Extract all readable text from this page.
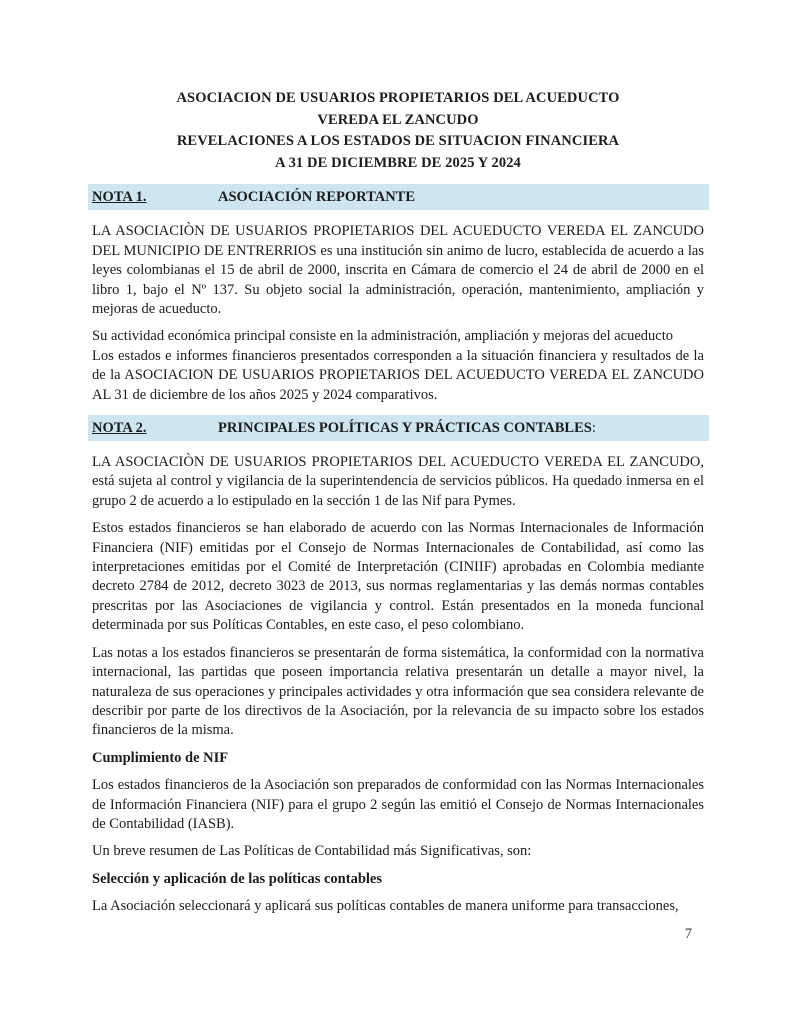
ASOCIACION DE USUARIOS PROPIETARIOS DEL ACUEDUCTO
VEREDA EL ZANCUDO
REVELACIONES A LOS ESTADOS DE SITUACION FINANCIERA
A 31 DE DICIEMBRE DE 2025 Y 2024
NOTA 1.	ASOCIACIÓN REPORTANTE

LA ASOCIACIÒN DE USUARIOS PROPIETARIOS DEL ACUEDUCTO VEREDA EL ZANCUDO DEL MUNICIPIO DE ENTRERRIOS es una institución sin animo de lucro, establecida de acuerdo a las leyes colombianas el 15 de abril de 2000, inscrita en Cámara de comercio el 24 de abril de 2000 en el libro 1, bajo el Nº 137. Su objeto social la administración, operación, mantenimiento, ampliación y mejoras de acueducto.

Su actividad económica principal consiste en la administración, ampliación y mejoras del acueducto

Los estados e informes financieros presentados corresponden a la situación financiera y resultados de la de la ASOCIACION DE USUARIOS PROPIETARIOS DEL ACUEDUCTO VEREDA EL ZANCUDO AL 31 de diciembre de los años 2025 y 2024 comparativos.

NOTA 2.	PRINCIPALES POLÍTICAS Y PRÁCTICAS CONTABLES:

LA ASOCIACIÒN DE USUARIOS PROPIETARIOS DEL ACUEDUCTO VEREDA EL ZANCUDO, está sujeta al control y vigilancia de la superintendencia de servicios públicos. Ha quedado inmersa en el grupo 2 de acuerdo a lo estipulado en la sección 1 de las Nif para Pymes.

Estos estados financieros se han elaborado de acuerdo con las Normas Internacionales de Información Financiera (NIF) emitidas por el Consejo de Normas Internacionales de Contabilidad, así como las interpretaciones emitidas por el Comité de Interpretación (CINIIF) aprobadas en Colombia mediante decreto 2784 de 2012, decreto 3023 de 2013, sus normas reglamentarias y las demás normas contables prescritas por las Asociaciones de vigilancia y control. Están presentados en la moneda funcional determinada por sus Políticas Contables, en este caso, el peso colombiano.

Las notas a los estados financieros se presentarán de forma sistemática, la conformidad con la normativa internacional, las partidas que poseen importancia relativa presentarán un detalle a mayor nivel, la naturaleza de sus operaciones y principales actividades y otra información que sea considera relevante de describir por parte de los directivos de la Asociación, por la relevancia de su impacto sobre los estados financieros de la misma.

Cumplimiento de NIF

Los estados financieros de la Asociación son preparados de conformidad con las Normas Internacionales de Información Financiera (NIF) para el grupo 2 según las emitió el Consejo de Normas Internacionales de Contabilidad (IASB).

Un breve resumen de Las Políticas de Contabilidad más Significativas, son:

Selección y aplicación de las políticas contables

La Asociación seleccionará y aplicará sus políticas contables de manera uniforme para transacciones,

7
